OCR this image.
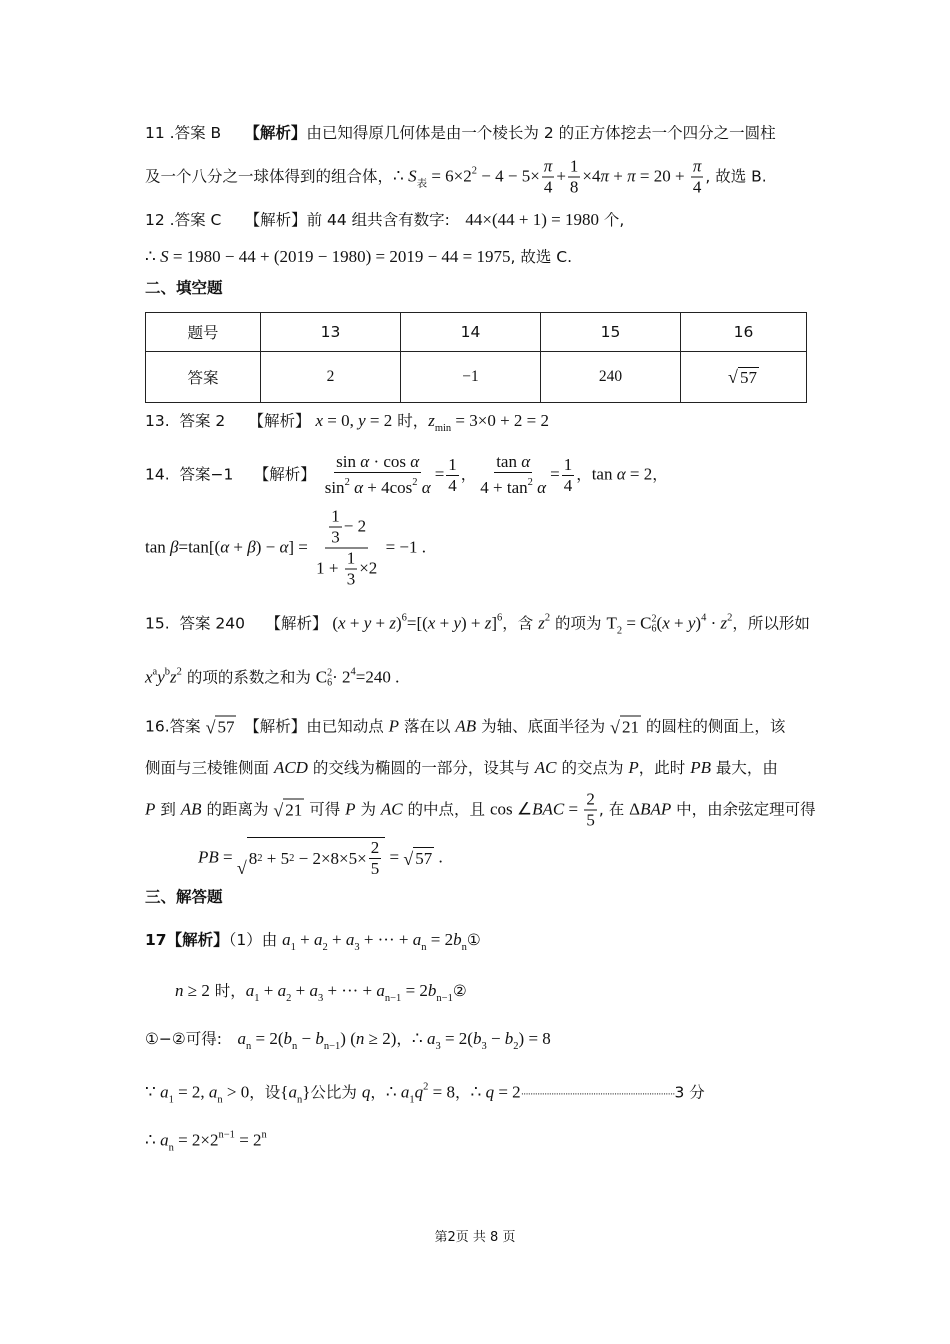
11 .答案 B　　【解析】由已知得原几何体是由一个棱长为 2 的正方体挖去一个四分之一圆柱
及一个八分之一球体得到的组合体，∴ $S_表 = 6\times 2^2 - 4 - 5\times \frac{\pi}{4} + \frac{1}{8} \times 4\pi + \pi = 20 + \frac{\pi}{4}$ , 故选 B.
12 .答案 C　　【解析】前 44 组共含有数字:　44×(44 + 1) = 1980 个,
∴ S = 1980 − 44 + (2019 − 1980) = 2019 − 44 = 1975, 故选 C.
二、填空题
题号	13	14	15	16
答案	2	−1	240	√ 57
13.  答案 2　　【解析】 x = 0, y = 2 时，$z_{min} = 3\times 0 + 2 = 2$
14.  答案−1　 【解析】 $\frac{\text{sin α · cos α}}{\sin^2 \alpha + 4\cos^2 \alpha} = \frac{1}{4}$ ， $\frac{\text{tan α}}{4 + \tan^2 \alpha} = \frac{1}{4}$ ，tan α = 2，
$\tan \beta=\tan[(\alpha + \beta) - \alpha] = \frac{\frac{1}{3} - 2}{1 + \frac{1}{3} \times 2} = -1$ .
15.  答案 240　 【解析】 $(x + y + z)^6=[(x + y) + z]^6$，含 $z^2$ 的项为 $T_2 = C$ 2
6 $(x + y)^4 \cdot z^2$，所以形如
$x^ay^bz^2$ 的项的系数之和为 C 2
$6 \cdot 2^4=240$ .
16.答案 √ 57 　【解析】由已知动点 P 落在以 AB 为轴、底面半径为 √ 21 的圆柱的侧面上，该
侧面与三棱锥侧面 ACD 的交线为椭圆的一部分，设其与 AC 的交点为 P，此时 PB 最大，由
P 到 AB 的距离为 √ 21 可得 P 为 AC 的中点，且 cos ∠BAC = $\frac{2}{5}$ , 在 ΔBAP 中，由余弦定理可得
PB =
√ 8 2 + 5 $2 - 2\times 8\times 5\times \frac{2}{5}$ = √ 57 .
三、解答题
17【解析】（1）由 $a_1 + a_2 + a_3$ + ··· + $a_n$ = $2b_n①$
n ≥ 2 时，$a_1 + a_2 + a_3$ + ··· + $a_{n-1}$ = $2b_{n-1}②$
①−②可得:　$a_n = 2(b_n - b_{n-1}) (n \ge 2)$，∴ $a_3 = 2(b_3 - b_2) = 8$
∵ $a_1 = 2$, $a_n > 0$，设$\{a_n\}$公比为 q，∴ $a_1q^2 = 8$，∴ q = 2··································································3 分
∴ $a_n = 2\times 2^{n-1} = 2^n$
第2页 共 8 页
